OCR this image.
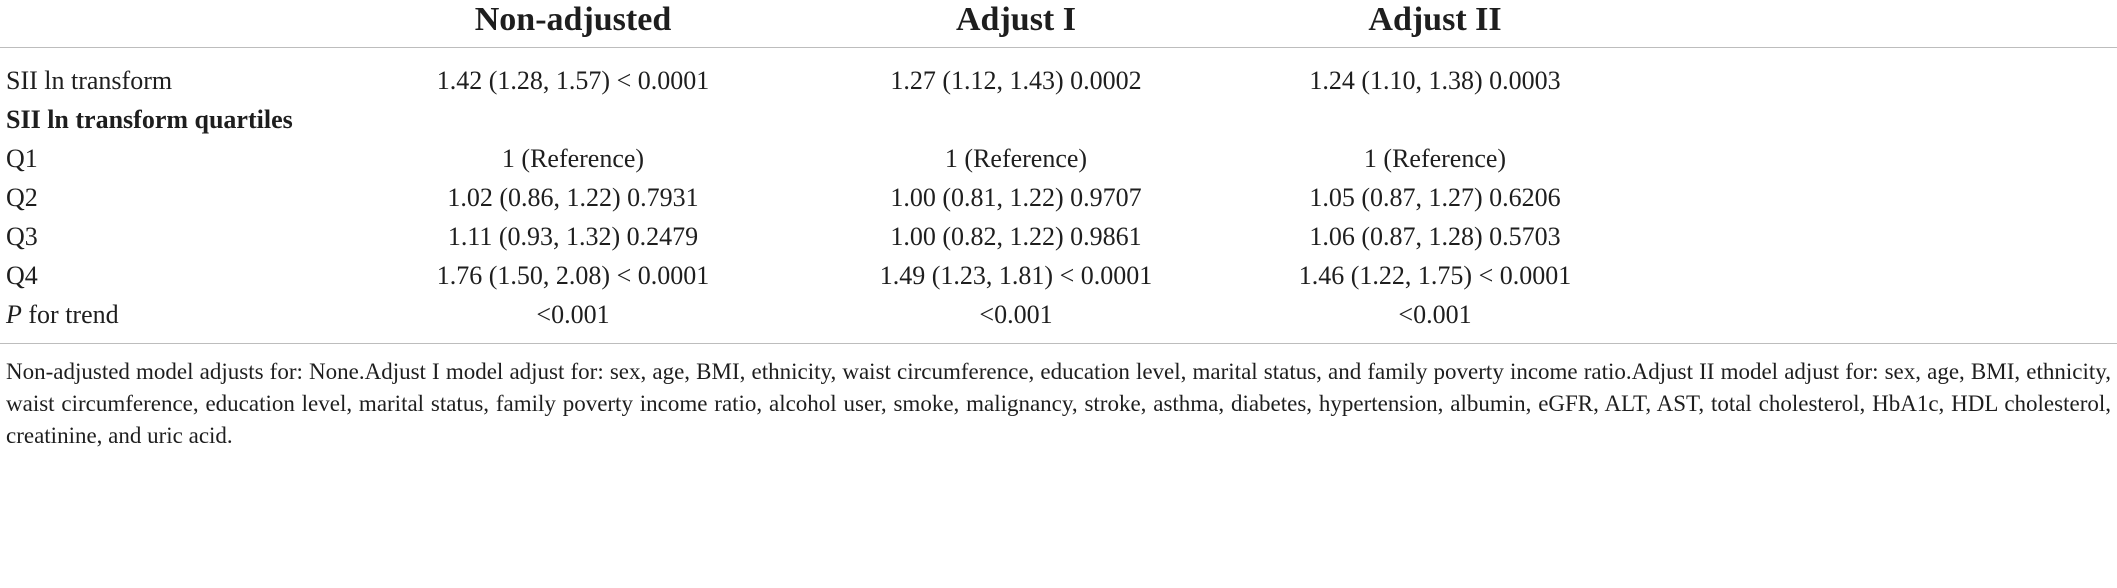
Non-adjusted	Adjust I	Adjust II
SII ln transform	1.42 (1.28, 1.57) < 0.0001	1.27 (1.12, 1.43) 0.0002	1.24 (1.10, 1.38) 0.0003
SII ln transform quartiles
Q1	1 (Reference)	1 (Reference)	1 (Reference)
Q2	1.02 (0.86, 1.22) 0.7931	1.00 (0.81, 1.22) 0.9707	1.05 (0.87, 1.27) 0.6206
Q3	1.11 (0.93, 1.32) 0.2479	1.00 (0.82, 1.22) 0.9861	1.06 (0.87, 1.28) 0.5703
Q4	1.76 (1.50, 2.08) < 0.0001	1.49 (1.23, 1.81) < 0.0001	1.46 (1.22, 1.75) < 0.0001
P for trend	<0.001	<0.001	<0.001
Non-adjusted model adjusts for: None.Adjust I model adjust for: sex, age, BMI, ethnicity, waist circumference, education level, marital status, and family poverty income ratio.Adjust II model adjust for: sex, age, BMI, ethnicity, waist circumference, education level, marital status, family poverty income ratio, alcohol user, smoke, malignancy, stroke, asthma, diabetes, hypertension, albumin, eGFR, ALT, AST, total cholesterol, HbA1c, HDL cholesterol, creatinine, and uric acid.
